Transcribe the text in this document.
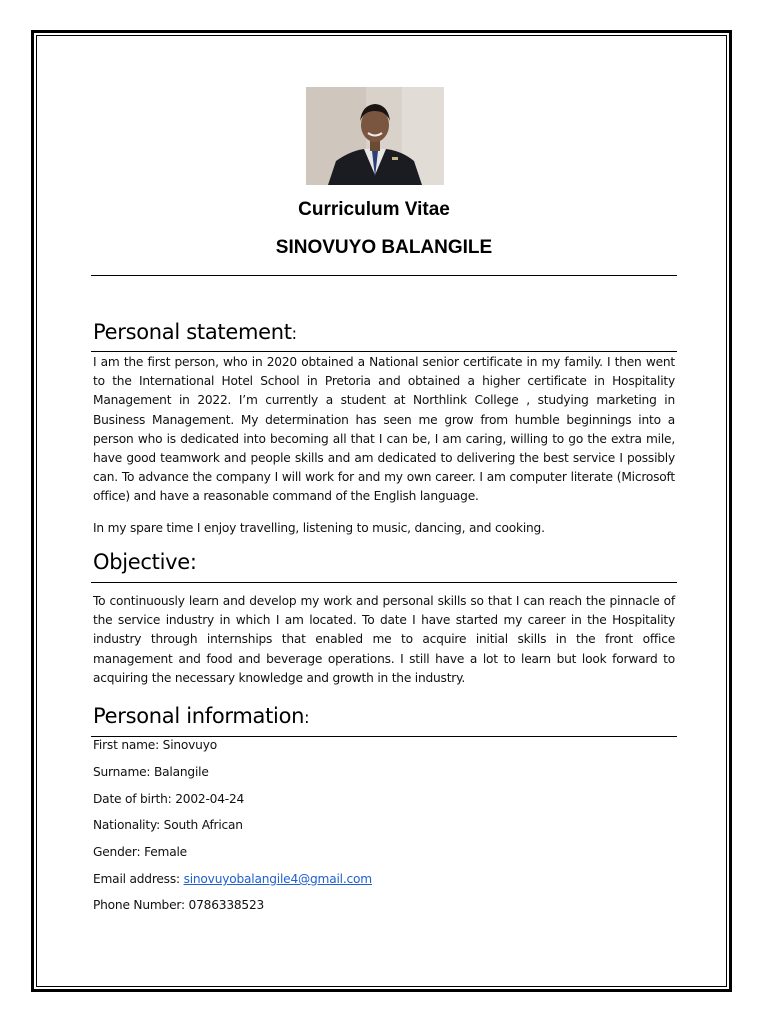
Curriculum Vitae
SINOVUYO BALANGILE
Personal statement:
I am the first person, who in 2020 obtained a National senior certificate in my family. I then went to the International Hotel School in Pretoria and obtained a higher certificate in Hospitality Management in 2022. I’m currently a student at Northlink College , studying marketing in Business Management. My determination has seen me grow from humble beginnings into a person who is dedicated into becoming all that I can be, I am caring, willing to go the extra mile, have good teamwork and people skills and am dedicated to delivering the best service I possibly can. To advance the company I will work for and my own career. I am computer literate (Microsoft office) and have a reasonable command of the English language.
In my spare time I enjoy travelling, listening to music, dancing, and cooking.
Objective:
To continuously learn and develop my work and personal skills so that I can reach the pinnacle of the service industry in which I am located. To date I have started my career in the Hospitality industry through internships that enabled me to acquire initial skills in the front office management and food and beverage operations. I still have a lot to learn but look forward to acquiring the necessary knowledge and growth in the industry.
Personal information:
First name: Sinovuyo
Surname: Balangile
Date of birth: 2002-04-24
Nationality: South African
Gender: Female
Email address: sinovuyobalangile4@gmail.com
Phone Number: 0786338523
